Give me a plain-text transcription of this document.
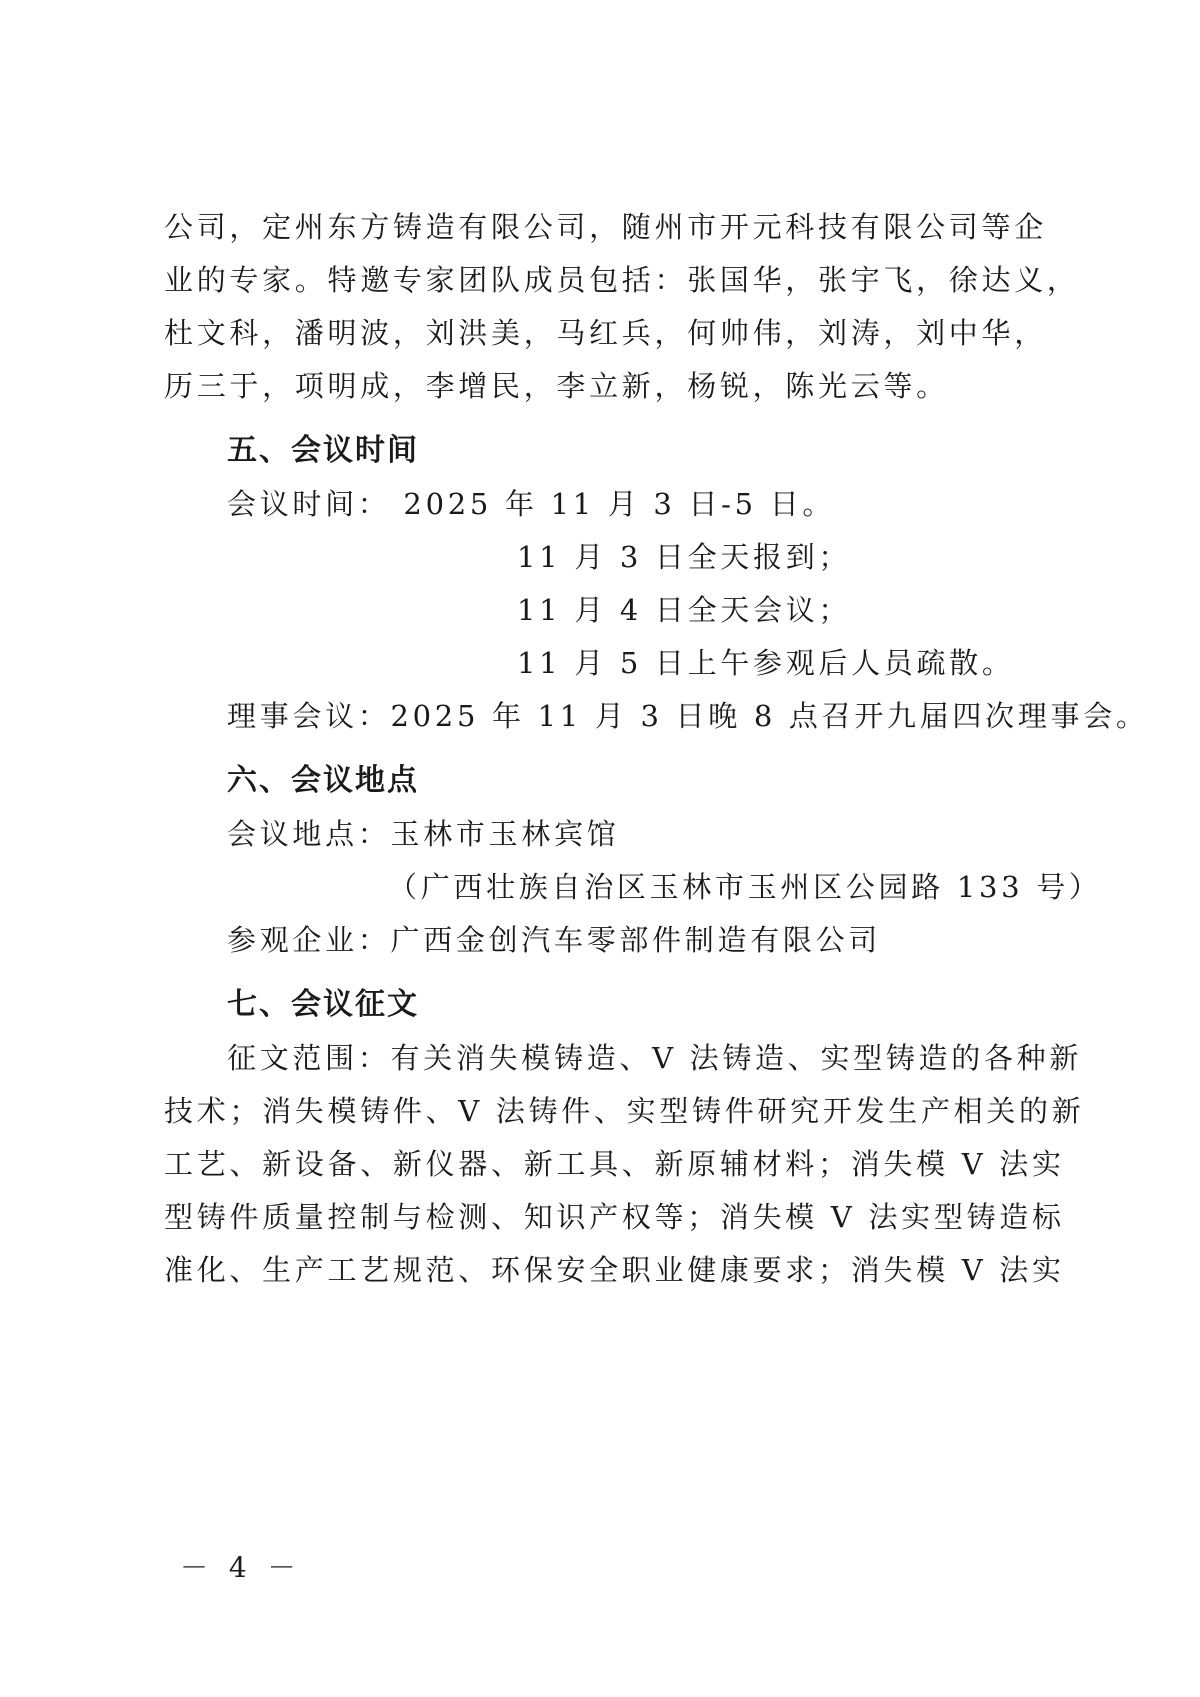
公司，定州东方铸造有限公司，随州市开元科技有限公司等企
业的专家。特邀专家团队成员包括：张国华，张宇飞，徐达义，
杜文科，潘明波，刘洪美，马红兵，何帅伟，刘涛，刘中华，
历三于，项明成，李增民，李立新，杨锐，陈光云等。
五、会议时间
会议时间： 2025 年 11 月 3 日-5 日。
11 月 3 日全天报到；
11 月 4 日全天会议；
11 月 5 日上午参观后人员疏散。
理事会议：2025 年 11 月 3 日晚 8 点召开九届四次理事会。
六、会议地点
会议地点：玉林市玉林宾馆
（广西壮族自治区玉林市玉州区公园路 133 号）
参观企业：广西金创汽车零部件制造有限公司
七、会议征文
征文范围：有关消失模铸造、V 法铸造、实型铸造的各种新
技术；消失模铸件、V 法铸件、实型铸件研究开发生产相关的新
工艺、新设备、新仪器、新工具、新原辅材料；消失模 V 法实
型铸件质量控制与检测、知识产权等；消失模 V 法实型铸造标
准化、生产工艺规范、环保安全职业健康要求；消失模 V 法实
－ 4 －
